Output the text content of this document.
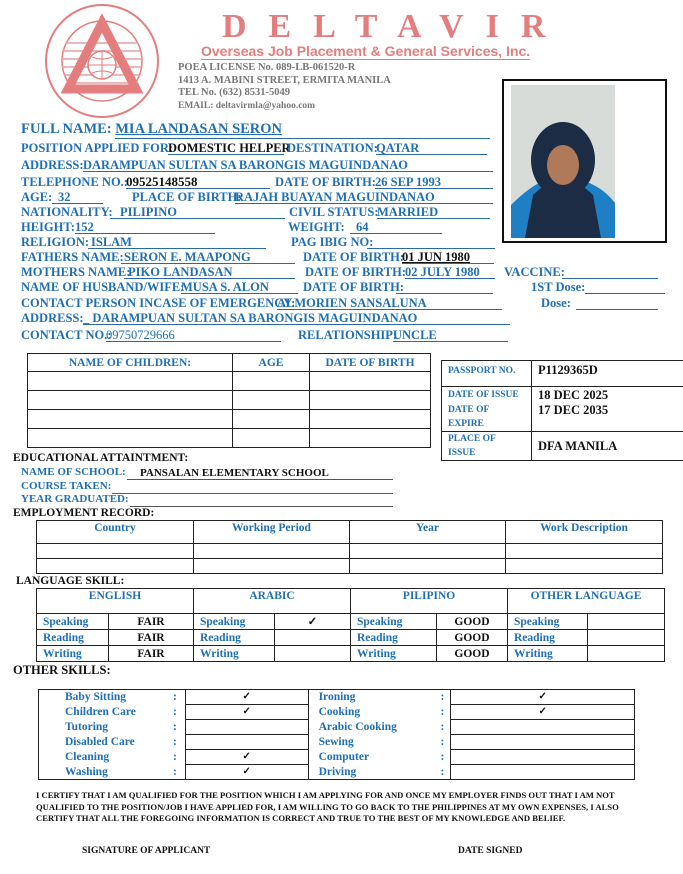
DELTAVIR
Overseas Job Placement & General Services, Inc.
POEA LICENSE No. 089-LB-061520-R
1413 A. MABINI STREET, ERMITA MANILA
TEL No. (632) 8531-5049
EMAIL: deltavirmla@yahoo.com
FULL NAME: MIA LANDASAN SERON
POSITION APPLIED FOR:
DOMESTIC HELPER
DESTINATION:
QATAR
ADDRESS: DARAMPUAN SULTAN SA BARONGIS MAGUINDANAO
TELEPHONE NO.:
09525148558	DATE OF BIRTH: 26 SEP 1993
AGE: 32	PLACE OF BIRTH:
RAJAH BUAYAN MAGUINDANAO
NATIONALITY: PILIPINO	CIVIL STATUS:
MARRIED
HEIGHT: 152	WEIGHT: 64
RELIGION: ISLAM	PAG IBIG NO:
FATHERS NAME: SERON E. MAAPONG	DATE OF BIRTH:
01 JUN 1980
MOTHERS NAME:
PIKO LANDASAN	DATE OF BIRTH: 02 JULY 1980	VACCINE:
NAME OF HUSBAND/WIFE:
MUSA S. ALON	DATE OF BIRTH:	1ST Dose:
CONTACT PERSON INCASE OF EMERGENCY:
ALMORIEN SANSALUNA	Dose:
ADDRESS: _ DARAMPUAN SULTAN SA BARONGIS MAGUINDANAO
CONTACT NO.:
09750729666	RELATIONSHIP:
UNCLE
NAME OF CHILDREN:	AGE	DATE OF BIRTH

PASSPORT NO.	P1129365D
DATE OF ISSUE	18 DEC 2025
DATE OF EXPIRE	17 DEC 2035
PLACE OF ISSUE	DFA MANILA
EDUCATIONAL ATTAINTMENT:
NAME OF SCHOOL:	PANSALAN ELEMENTARY SCHOOL
COURSE TAKEN:
YEAR GRADUATED:
EMPLOYMENT RECORD:
Country	Working Period	Year	Work Description

LANGUAGE SKILL:
ENGLISH		ARABIC		PILIPINO		OTHER LANGUAGE	
Speaking	FAIR	Speaking	✓	Speaking	GOOD	Speaking	
Reading	FAIR	Reading		Reading	GOOD	Reading	
Writing	FAIR	Writing		Writing	GOOD	Writing	
OTHER SKILLS:
Baby Sitting :	✓	Ironing :	✓
Children Care :	✓	Cooking :	✓
Tutoring :		Arabic Cooking :	

Disabled Care :		Sewing :	

Cleaning :	✓	Computer :	

Washing :	✓	Driving :	

I CERTIFY THAT I AM QUALIFIED FOR THE POSITION WHICH I AM APPLYING FOR AND ONCE MY EMPLOYER FINDS OUT THAT I AM NOT QUALIFIED TO THE POSITION/JOB I HAVE APPLIED FOR, I AM WILLING TO GO BACK TO THE PHILIPPINES AT MY OWN EXPENSES, I ALSO CERTIFY THAT ALL THE FOREGOING INFORMATION IS CORRECT AND TRUE TO THE BEST OF MY KNOWLEDGE AND BELIEF.
SIGNATURE OF APPLICANT	DATE SIGNED
